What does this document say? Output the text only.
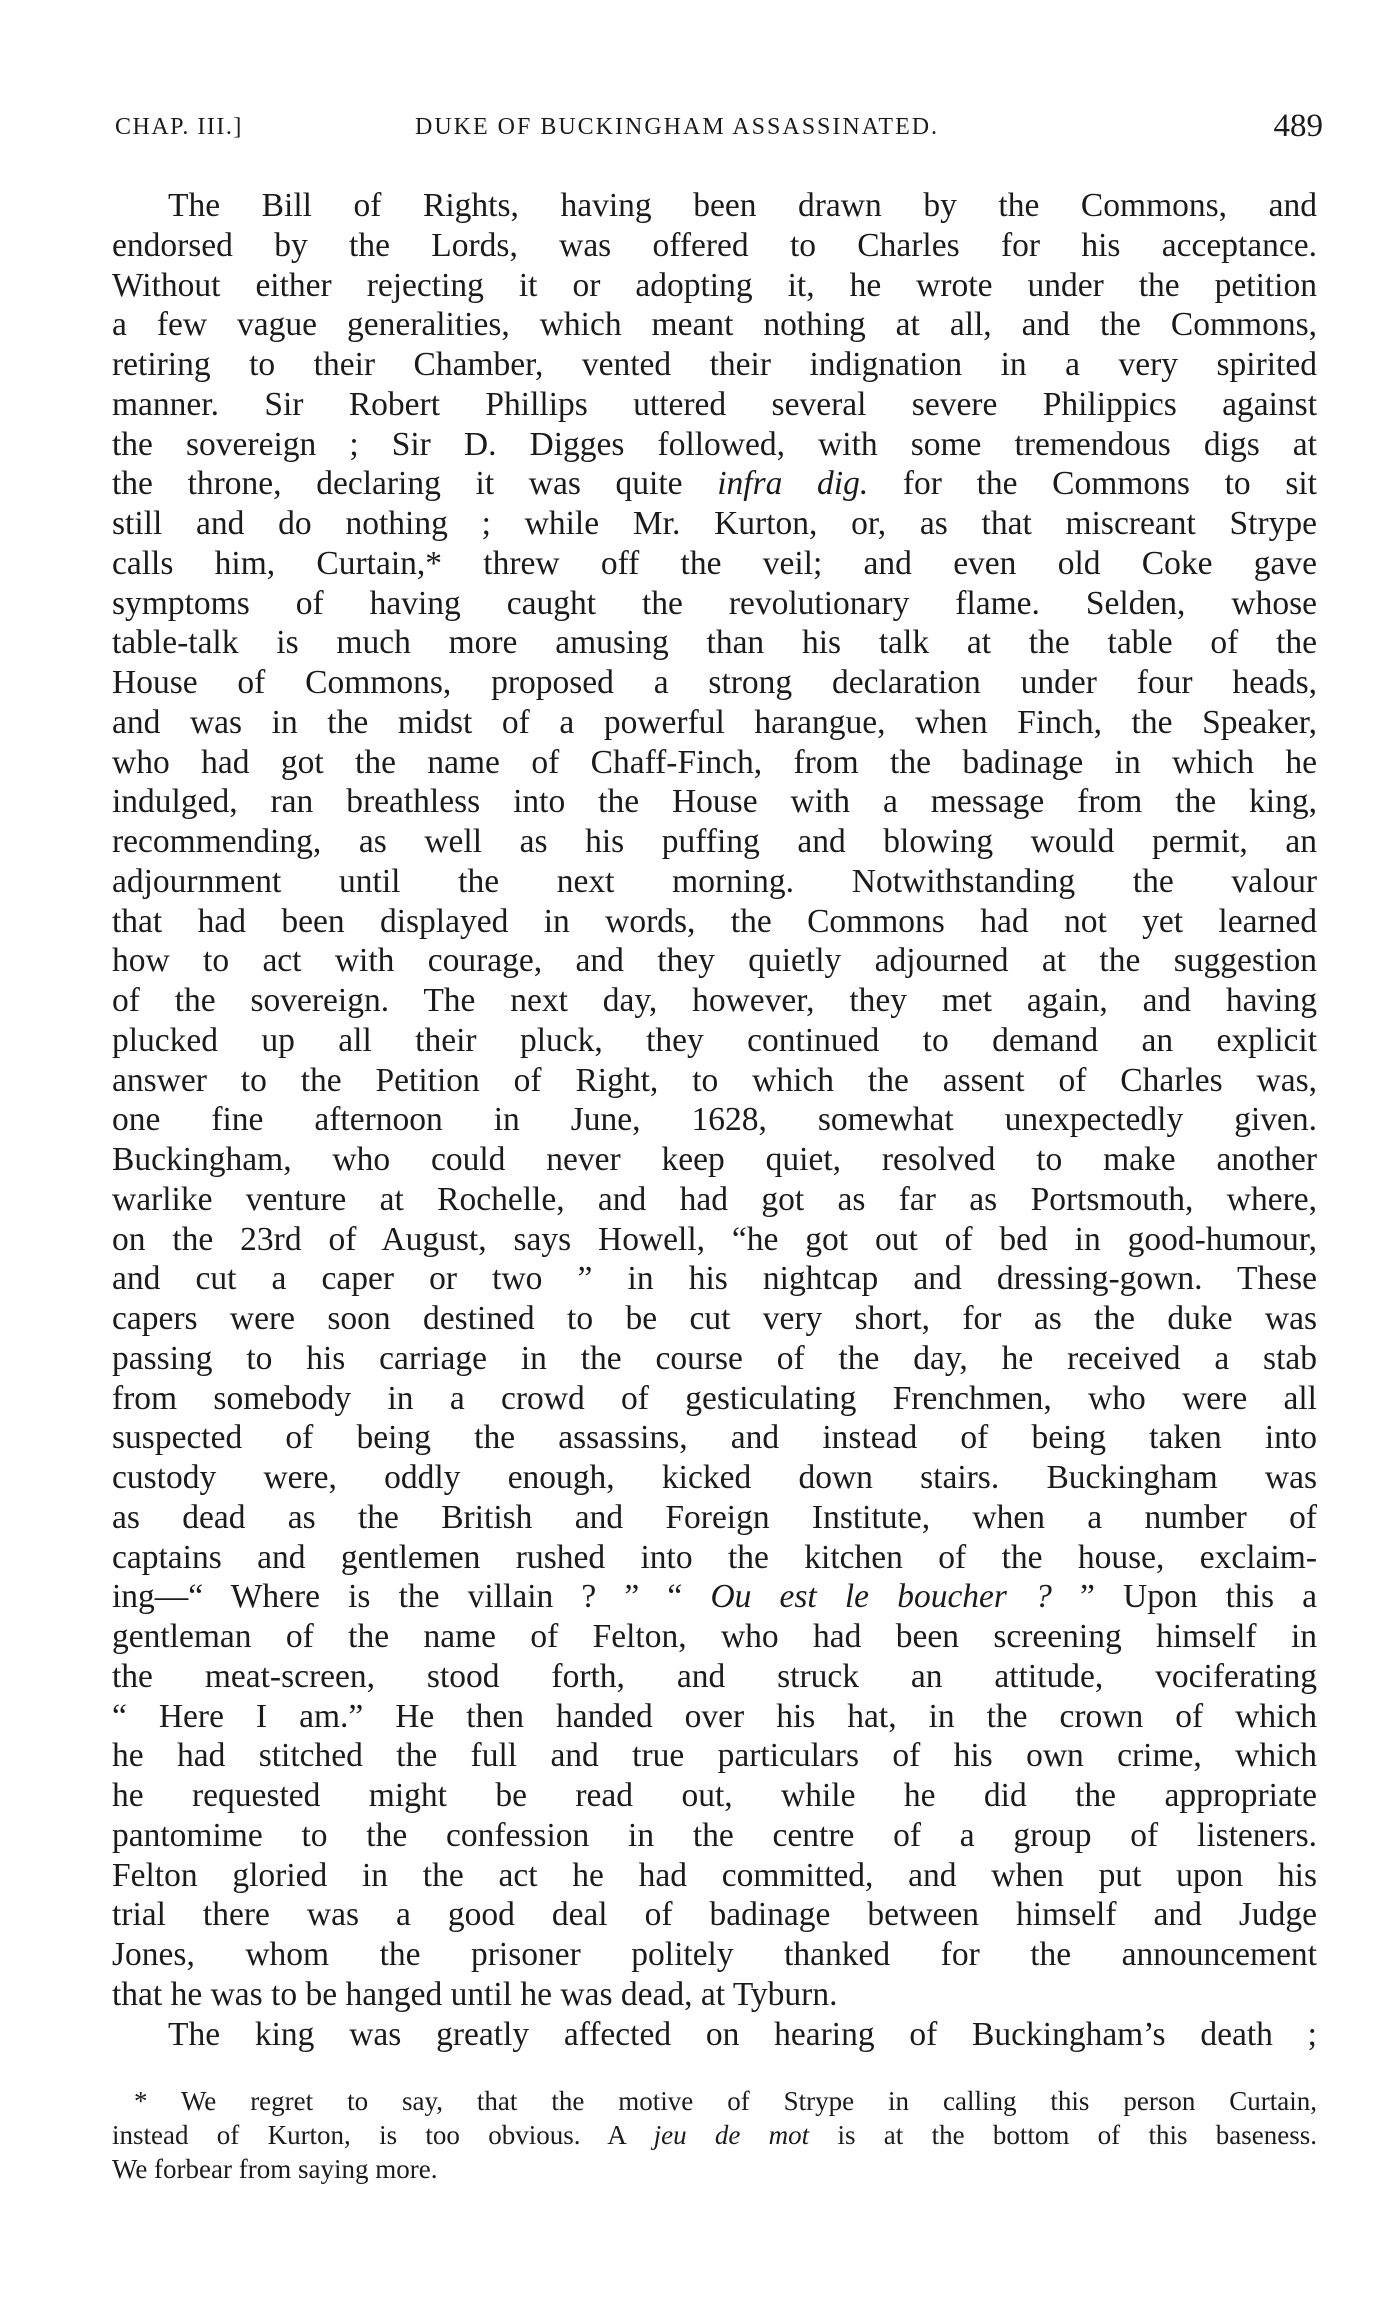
CHAP. III.]	DUKE OF BUCKINGHAM ASSASSINATED.	489
The Bill of Rights, having been drawn by the Commons, and
endorsed by the Lords, was offered to Charles for his acceptance.
Without either rejecting it or adopting it, he wrote under the petition
a few vague generalities, which meant nothing at all, and the Commons,
retiring to their Chamber, vented their indignation in a very spirited
manner. Sir Robert Phillips uttered several severe Philippics against
the sovereign ; Sir D. Digges followed, with some tremendous digs at
the throne, declaring it was quite infra dig. for the Commons to sit
still and do nothing ; while Mr. Kurton, or, as that miscreant Strype
calls him, Curtain,* threw off the veil; and even old Coke gave
symptoms of having caught the revolutionary flame. Selden, whose
table-talk is much more amusing than his talk at the table of the
House of Commons, proposed a strong declaration under four heads,
and was in the midst of a powerful harangue, when Finch, the Speaker,
who had got the name of Chaff-Finch, from the badinage in which he
indulged, ran breathless into the House with a message from the king,
recommending, as well as his puffing and blowing would permit, an
adjournment until the next morning. Notwithstanding the valour
that had been displayed in words, the Commons had not yet learned
how to act with courage, and they quietly adjourned at the suggestion
of the sovereign. The next day, however, they met again, and having
plucked up all their pluck, they continued to demand an explicit
answer to the Petition of Right, to which the assent of Charles was,
one fine afternoon in June, 1628, somewhat unexpectedly given.
Buckingham, who could never keep quiet, resolved to make another
warlike venture at Rochelle, and had got as far as Portsmouth, where,
on the 23rd of August, says Howell, “he got out of bed in good-humour,
and cut a caper or two ” in his nightcap and dressing-gown. These
capers were soon destined to be cut very short, for as the duke was
passing to his carriage in the course of the day, he received a stab
from somebody in a crowd of gesticulating Frenchmen, who were all
suspected of being the assassins, and instead of being taken into
custody were, oddly enough, kicked down stairs. Buckingham was
as dead as the British and Foreign Institute, when a number of
captains and gentlemen rushed into the kitchen of the house, exclaim-
ing—“ Where is the villain ? ” “ Ou est le boucher ? ” Upon this a
gentleman of the name of Felton, who had been screening himself in
the meat-screen, stood forth, and struck an attitude, vociferating
“ Here I am.” He then handed over his hat, in the crown of which
he had stitched the full and true particulars of his own crime, which
he requested might be read out, while he did the appropriate
pantomime to the confession in the centre of a group of listeners.
Felton gloried in the act he had committed, and when put upon his
trial there was a good deal of badinage between himself and Judge
Jones, whom the prisoner politely thanked for the announcement
that he was to be hanged until he was dead, at Tyburn.
The king was greatly affected on hearing of Buckingham’s death ;
* We regret to say, that the motive of Strype in calling this person Curtain,
instead of Kurton, is too obvious. A jeu de mot is at the bottom of this baseness.
We forbear from saying more.
